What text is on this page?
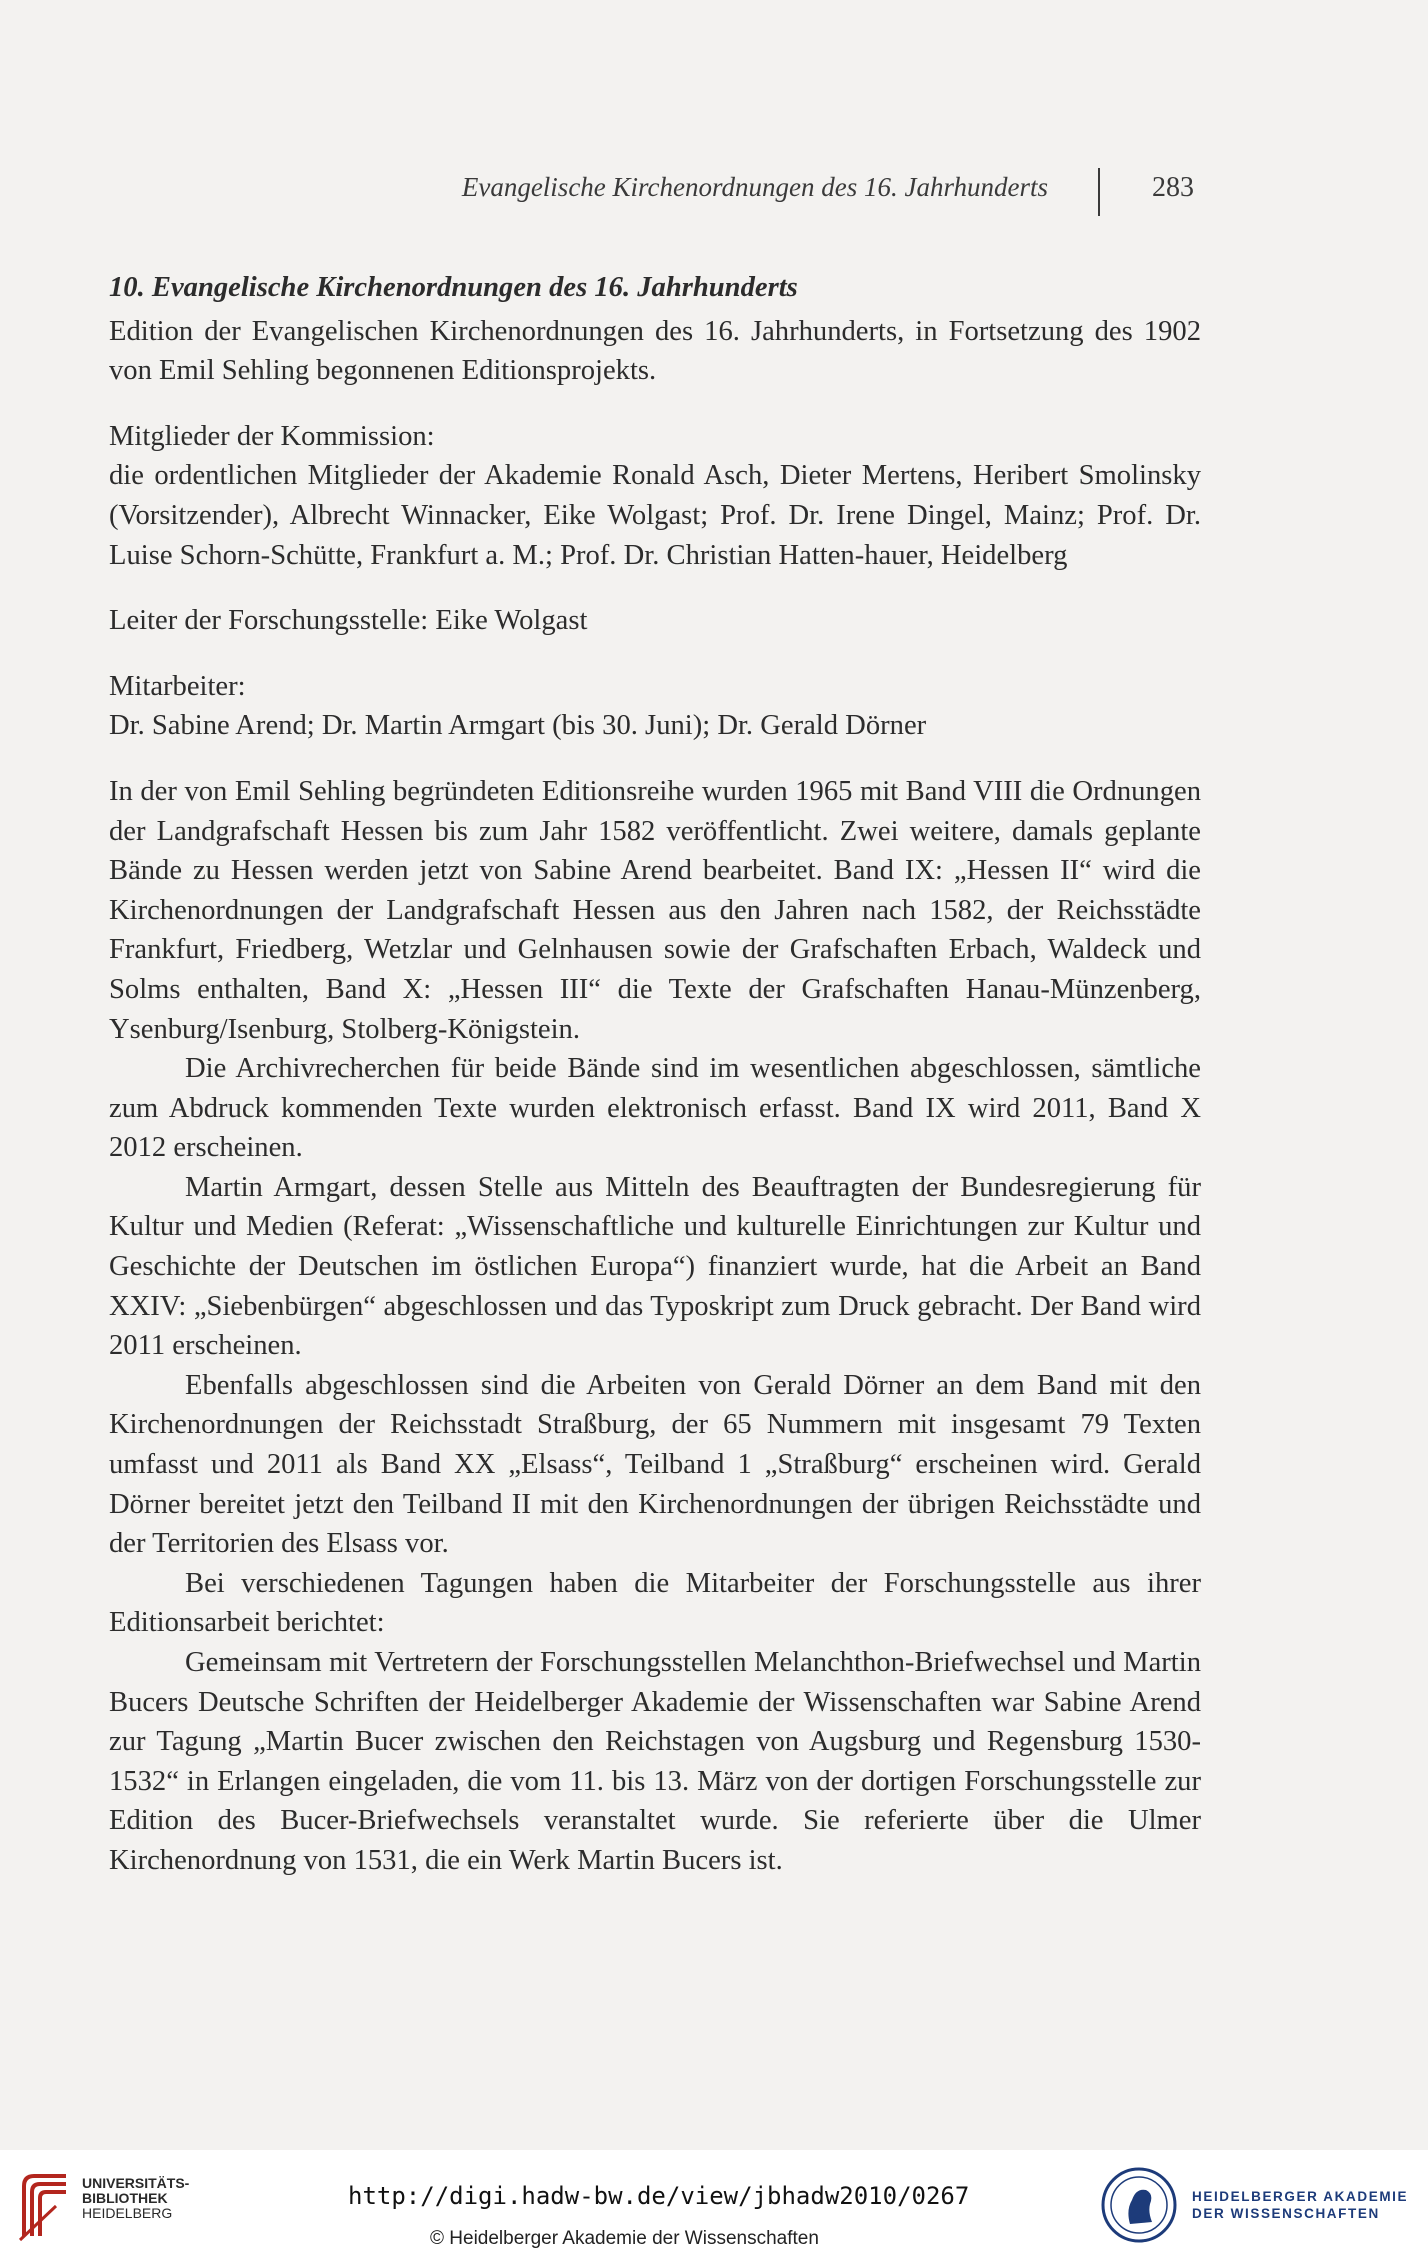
Evangelische Kirchenordnungen des 16. Jahrhunderts	283

10. Evangelische Kirchenordnungen des 16. Jahrhunderts

Edition der Evangelischen Kirchenordnungen des 16. Jahrhunderts, in Fortsetzung des 1902 von Emil Sehling begonnenen Editionsprojekts.

Mitglieder der Kommission:

die ordentlichen Mitglieder der Akademie Ronald Asch, Dieter Mertens, Heribert Smolinsky (Vorsitzender), Albrecht Winnacker, Eike Wolgast; Prof. Dr. Irene Dingel, Mainz; Prof. Dr. Luise Schorn-Schütte, Frankfurt a. M.; Prof. Dr. Christian Hatten-hauer, Heidelberg

Leiter der Forschungsstelle: Eike Wolgast

Mitarbeiter:

Dr. Sabine Arend; Dr. Martin Armgart (bis 30. Juni); Dr. Gerald Dörner

In der von Emil Sehling begründeten Editionsreihe wurden 1965 mit Band VIII die Ordnungen der Landgrafschaft Hessen bis zum Jahr 1582 veröffentlicht. Zwei weitere, damals geplante Bände zu Hessen werden jetzt von Sabine Arend bearbeitet. Band IX: „Hessen II“ wird die Kirchenordnungen der Landgrafschaft Hessen aus den Jahren nach 1582, der Reichsstädte Frankfurt, Friedberg, Wetzlar und Gelnhausen sowie der Grafschaften Erbach, Waldeck und Solms enthalten, Band X: „Hessen III“ die Texte der Grafschaften Hanau-Münzenberg, Ysenburg/Isenburg, Stolberg-Königstein.

Die Archivrecherchen für beide Bände sind im wesentlichen abgeschlossen, sämtliche zum Abdruck kommenden Texte wurden elektronisch erfasst. Band IX wird 2011, Band X 2012 erscheinen.

Martin Armgart, dessen Stelle aus Mitteln des Beauftragten der Bundesregierung für Kultur und Medien (Referat: „Wissenschaftliche und kulturelle Einrichtungen zur Kultur und Geschichte der Deutschen im östlichen Europa“) finanziert wurde, hat die Arbeit an Band XXIV: „Siebenbürgen“ abgeschlossen und das Typoskript zum Druck gebracht. Der Band wird 2011 erscheinen.

Ebenfalls abgeschlossen sind die Arbeiten von Gerald Dörner an dem Band mit den Kirchenordnungen der Reichsstadt Straßburg, der 65 Nummern mit insgesamt 79 Texten umfasst und 2011 als Band XX „Elsass“, Teilband 1 „Straßburg“ erscheinen wird. Gerald Dörner bereitet jetzt den Teilband II mit den Kirchenordnungen der übrigen Reichsstädte und der Territorien des Elsass vor.

Bei verschiedenen Tagungen haben die Mitarbeiter der Forschungsstelle aus ihrer Editionsarbeit berichtet:

Gemeinsam mit Vertretern der Forschungsstellen Melanchthon-Briefwechsel und Martin Bucers Deutsche Schriften der Heidelberger Akademie der Wissenschaften war Sabine Arend zur Tagung „Martin Bucer zwischen den Reichstagen von Augsburg und Regensburg 1530-1532“ in Erlangen eingeladen, die vom 11. bis 13. März von der dortigen Forschungsstelle zur Edition des Bucer-Briefwechsels veranstaltet wurde. Sie referierte über die Ulmer Kirchenordnung von 1531, die ein Werk Martin Bucers ist.

UNIVERSITÄTS-
BIBLIOTHEK
HEIDELBERG
http://digi.hadw-bw.de/view/jbhadw2010/0267
© Heidelberger Akademie der Wissenschaften
HEIDELBERGER AKADEMIE
DER WISSENSCHAFTEN
